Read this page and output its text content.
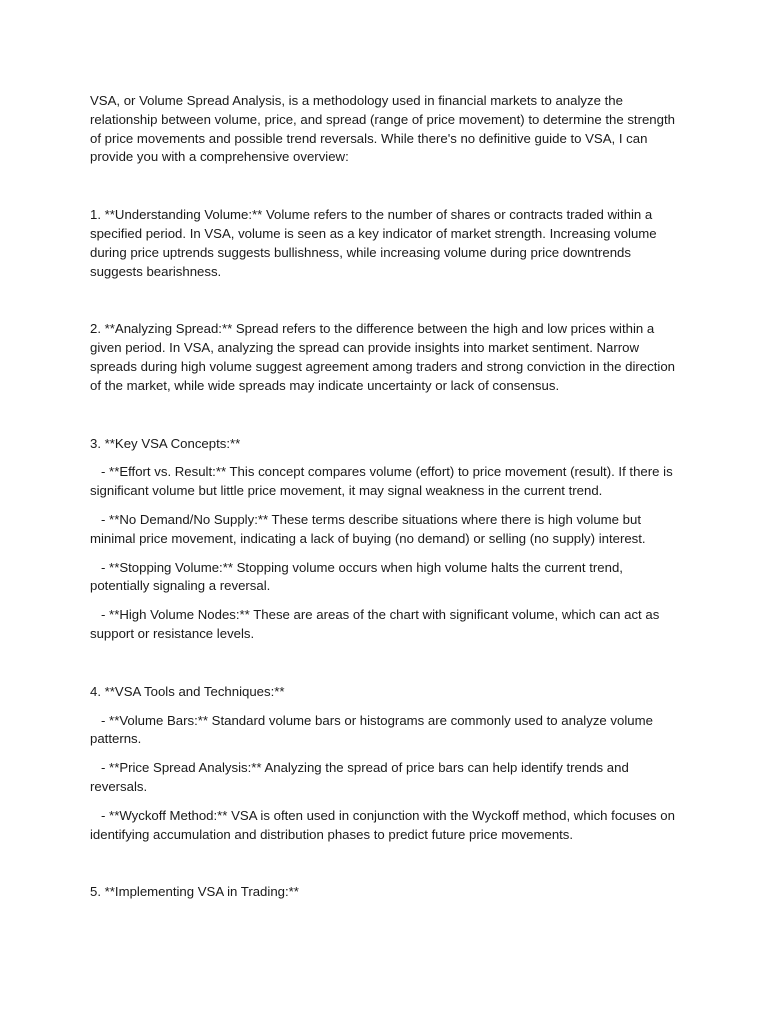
VSA, or Volume Spread Analysis, is a methodology used in financial markets to analyze the relationship between volume, price, and spread (range of price movement) to determine the strength of price movements and possible trend reversals. While there's no definitive guide to VSA, I can provide you with a comprehensive overview:

1. **Understanding Volume:** Volume refers to the number of shares or contracts traded within a specified period. In VSA, volume is seen as a key indicator of market strength. Increasing volume during price uptrends suggests bullishness, while increasing volume during price downtrends suggests bearishness.

2. **Analyzing Spread:** Spread refers to the difference between the high and low prices within a given period. In VSA, analyzing the spread can provide insights into market sentiment. Narrow spreads during high volume suggest agreement among traders and strong conviction in the direction of the market, while wide spreads may indicate uncertainty or lack of consensus.

3. **Key VSA Concepts:**

- **Effort vs. Result:** This concept compares volume (effort) to price movement (result). If there is significant volume but little price movement, it may signal weakness in the current trend.

- **No Demand/No Supply:** These terms describe situations where there is high volume but minimal price movement, indicating a lack of buying (no demand) or selling (no supply) interest.

- **Stopping Volume:** Stopping volume occurs when high volume halts the current trend, potentially signaling a reversal.

- **High Volume Nodes:** These are areas of the chart with significant volume, which can act as support or resistance levels.

4. **VSA Tools and Techniques:**

- **Volume Bars:** Standard volume bars or histograms are commonly used to analyze volume patterns.

- **Price Spread Analysis:** Analyzing the spread of price bars can help identify trends and reversals.

- **Wyckoff Method:** VSA is often used in conjunction with the Wyckoff method, which focuses on identifying accumulation and distribution phases to predict future price movements.

5. **Implementing VSA in Trading:**
